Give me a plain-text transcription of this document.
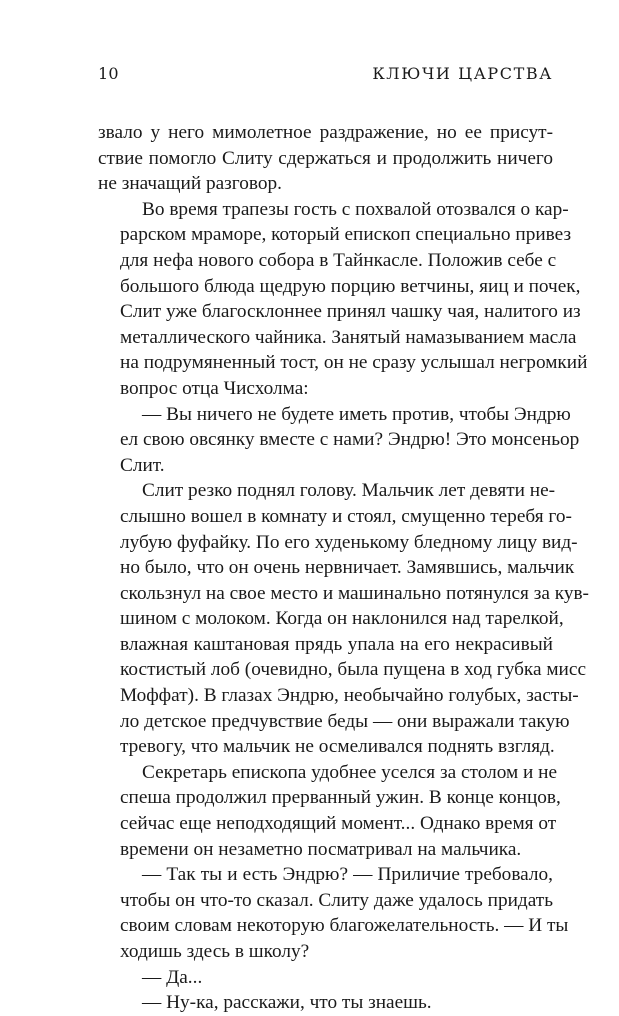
10	КЛЮЧИ ЦАРСТВА

звало у него мимолетное раздражение, но ее присут-
ствие помогло Слиту сдержаться и продолжить ничего
не значащий разговор.

Во время трапезы гость с похвалой отозвался о кар-
рарском мраморе, который епископ специально привез
для нефа нового собора в Тайнкасле. Положив себе с
большого блюда щедрую порцию ветчины, яиц и почек,
Слит уже благосклоннее принял чашку чая, налитого из
металлического чайника. Занятый намазыванием масла
на подрумяненный тост, он не сразу услышал негромкий
вопрос отца Чисхолма:

— Вы ничего не будете иметь против, чтобы Эндрю
ел свою овсянку вместе с нами? Эндрю! Это монсеньор
Слит.

Слит резко поднял голову. Мальчик лет девяти не-
слышно вошел в комнату и стоял, смущенно теребя го-
лубую фуфайку. По его худенькому бледному лицу вид-
но было, что он очень нервничает. Замявшись, мальчик
скользнул на свое место и машинально потянулся за кув-
шином с молоком. Когда он наклонился над тарелкой,
влажная каштановая прядь упала на его некрасивый
костистый лоб (очевидно, была пущена в ход губка мисс
Моффат). В глазах Эндрю, необычайно голубых, засты-
ло детское предчувствие беды — они выражали такую
тревогу, что мальчик не осмеливался поднять взгляд.

Секретарь епископа удобнее уселся за столом и не
спеша продолжил прерванный ужин. В конце концов,
сейчас еще неподходящий момент... Однако время от
времени он незаметно посматривал на мальчика.

— Так ты и есть Эндрю? — Приличие требовало,
чтобы он что-то сказал. Слиту даже удалось придать
своим словам некоторую благожелательность. — И ты
ходишь здесь в школу?

— Да...

— Ну-ка, расскажи, что ты знаешь.
